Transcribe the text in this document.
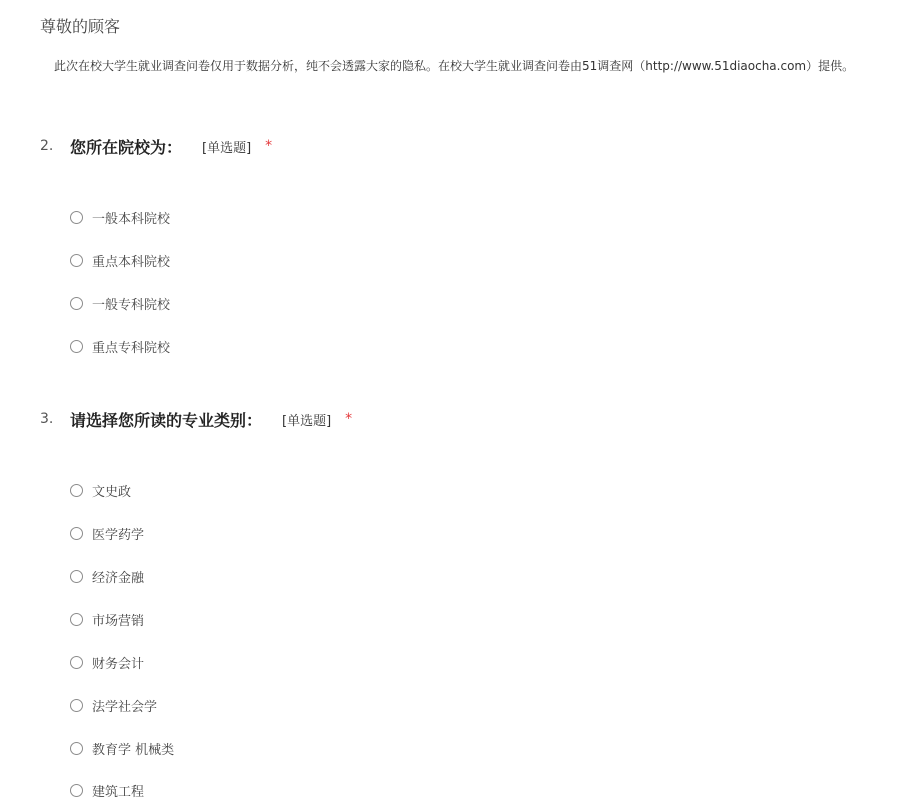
尊敬的顾客

此次在校大学生就业调查问卷仅用于数据分析，纯不会透露大家的隐私。在校大学生就业调查问卷由51调查网（http://www.51diaocha.com）提供。

2.	您所在院校为： [单选题] *
一般本科院校
重点本科院校
一般专科院校
重点专科院校
3.	请选择您所读的专业类别： [单选题] *
文史政
医学药学
经济金融
市场营销
财务会计
法学社会学
教育学 机械类
建筑工程
